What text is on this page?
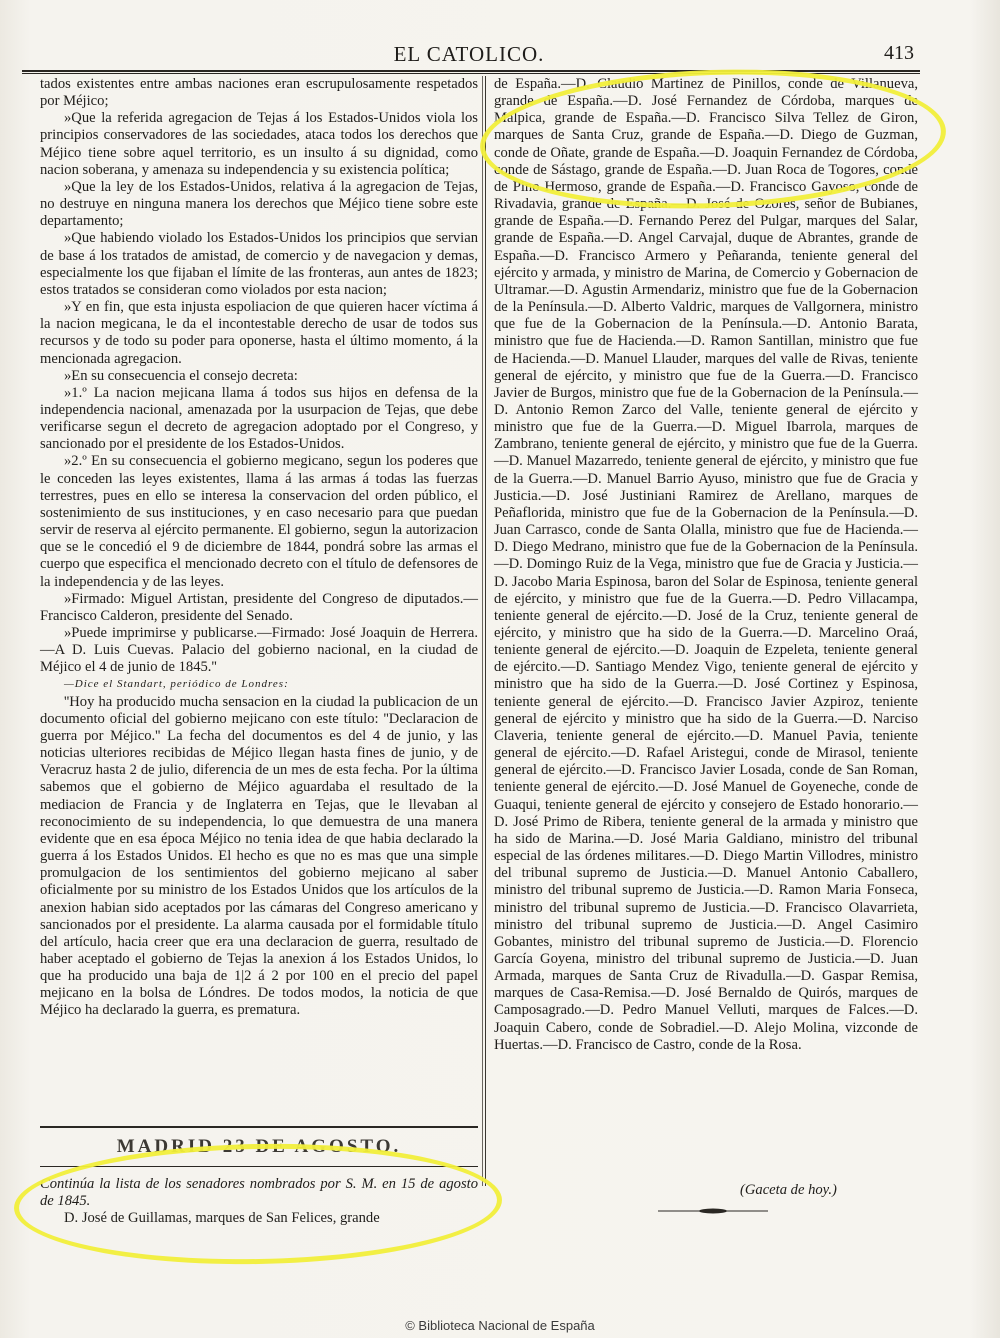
EL CATOLICO.	413

tados existentes entre ambas naciones eran escrupulosamente respetados por Méjico;

»Que la referida agregacion de Tejas á los Estados-Unidos viola los principios conservadores de las sociedades, ataca todos los derechos que Méjico tiene sobre aquel territorio, es un insulto á su dignidad, como nacion soberana, y amenaza su independencia y su existencia política;

»Que la ley de los Estados-Unidos, relativa á la agregacion de Tejas, no destruye en ninguna manera los derechos que Méjico tiene sobre este departamento;

»Que habiendo violado los Estados-Unidos los principios que servian de base á los tratados de amistad, de comercio y de navegacion y demas, especialmente los que fijaban el límite de las fronteras, aun antes de 1823; estos tratados se consideran como violados por esta nacion;

»Y en fin, que esta injusta espoliacion de que quieren hacer víctima á la nacion megicana, le da el incontestable derecho de usar de todos sus recursos y de todo su poder para oponerse, hasta el último momento, á la mencionada agregacion.

»En su consecuencia el consejo decreta:

»1.º La nacion mejicana llama á todos sus hijos en defensa de la independencia nacional, amenazada por la usurpacion de Tejas, que debe verificarse segun el decreto de agregacion adoptado por el Congreso, y sancionado por el presidente de los Estados-Unidos.

»2.º En su consecuencia el gobierno megicano, segun los poderes que le conceden las leyes existentes, llama á las armas á todas las fuerzas terrestres, pues en ello se interesa la conservacion del orden público, el sostenimiento de sus instituciones, y en caso necesario para que puedan servir de reserva al ejército permanente. El gobierno, segun la autorizacion que se le concedió el 9 de diciembre de 1844, pondrá sobre las armas el cuerpo que especifica el mencionado decreto con el título de defensores de la independencia y de las leyes.

»Firmado: Miguel Artistan, presidente del Congreso de diputados.—Francisco Calderon, presidente del Senado.

»Puede imprimirse y publicarse.—Firmado: José Joaquin de Herrera.—A D. Luis Cuevas. Palacio del gobierno nacional, en la ciudad de Méjico el 4 de junio de 1845.''

—Dice el Standart, periódico de Londres:

''Hoy ha producido mucha sensacion en la ciudad la publicacion de un documento oficial del gobierno mejicano con este título: ''Declaracion de guerra por Méjico.'' La fecha del documentos es del 4 de junio, y las noticias ulteriores recibidas de Méjico llegan hasta fines de junio, y de Veracruz hasta 2 de julio, diferencia de un mes de esta fecha. Por la última sabemos que el gobierno de Méjico aguardaba el resultado de la mediacion de Francia y de Inglaterra en Tejas, que le llevaban al reconocimiento de su independencia, lo que demuestra de una manera evidente que en esa época Méjico no tenia idea de que habia declarado la guerra á los Estados Unidos. El hecho es que no es mas que una simple promulgacion de los sentimientos del gobierno mejicano al saber oficialmente por su ministro de los Estados Unidos que los artículos de la anexion habian sido aceptados por las cámaras del Congreso americano y sancionados por el presidente. La alarma causada por el formidable título del artículo, hacia creer que era una declaracion de guerra, resultado de haber aceptado el gobierno de Tejas la anexion á los Estados Unidos, lo que ha producido una baja de 1|2 á 2 por 100 en el precio del papel mejicano en la bolsa de Lóndres. De todos modos, la noticia de que Méjico ha declarado la guerra, es prematura.

de España.—D. Claudio Martinez de Pinillos, conde de Villanueva, grande de España.—D. José Fernandez de Córdoba, marques de Malpica, grande de España.—D. Francisco Silva Tellez de Giron, marques de Santa Cruz, grande de España.—D. Diego de Guzman, conde de Oñate, grande de España.—D. Joaquin Fernandez de Córdoba, conde de Sástago, grande de España.—D. Juan Roca de Togores, conde de Pino Hermoso, grande de España.—D. Francisco Gayoso, conde de Rivadavia, grande de España.—D. José de Ozores, señor de Bubianes, grande de España.—D. Fernando Perez del Pulgar, marques del Salar, grande de España.—D. Angel Carvajal, duque de Abrantes, grande de España.—D. Francisco Armero y Peñaranda, teniente general del ejército y armada, y ministro de Marina, de Comercio y Gobernacion de Ultramar.—D. Agustin Armendariz, ministro que fue de la Gobernacion de la Península.—D. Alberto Valdric, marques de Vallgornera, ministro que fue de la Gobernacion de la Península.—D. Antonio Barata, ministro que fue de Hacienda.—D. Ramon Santillan, ministro que fue de Hacienda.—D. Manuel Llauder, marques del valle de Rivas, teniente general de ejército, y ministro que fue de la Guerra.—D. Francisco Javier de Burgos, ministro que fue de la Gobernacion de la Península.—D. Antonio Remon Zarco del Valle, teniente general de ejército y ministro que fue de la Guerra.—D. Miguel Ibarrola, marques de Zambrano, teniente general de ejército, y ministro que fue de la Guerra.—D. Manuel Mazarredo, teniente general de ejército, y ministro que fue de la Guerra.—D. Manuel Barrio Ayuso, ministro que fue de Gracia y Justicia.—D. José Justiniani Ramirez de Arellano, marques de Peñaflorida, ministro que fue de la Gobernacion de la Península.—D. Juan Carrasco, conde de Santa Olalla, ministro que fue de Hacienda.—D. Diego Medrano, ministro que fue de la Gobernacion de la Península.—D. Domingo Ruiz de la Vega, ministro que fue de Gracia y Justicia.—D. Jacobo Maria Espinosa, baron del Solar de Espinosa, teniente general de ejército, y ministro que fue de la Guerra.—D. Pedro Villacampa, teniente general de ejército.—D. José de la Cruz, teniente general de ejército, y ministro que ha sido de la Guerra.—D. Marcelino Oraá, teniente general de ejército.—D. Joaquin de Ezpeleta, teniente general de ejército.—D. Santiago Mendez Vigo, teniente general de ejército y ministro que ha sido de la Guerra.—D. José Cortinez y Espinosa, teniente general de ejército.—D. Francisco Javier Azpiroz, teniente general de ejército y ministro que ha sido de la Guerra.—D. Narciso Claveria, teniente general de ejército.—D. Manuel Pavia, teniente general de ejército.—D. Rafael Aristegui, conde de Mirasol, teniente general de ejército.—D. Francisco Javier Losada, conde de San Roman, teniente general de ejército.—D. José Manuel de Goyeneche, conde de Guaqui, teniente general de ejército y consejero de Estado honorario.—D. José Primo de Ribera, teniente general de la armada y ministro que ha sido de Marina.—D. José Maria Galdiano, ministro del tribunal especial de las órdenes militares.—D. Diego Martin Villodres, ministro del tribunal supremo de Justicia.—D. Manuel Antonio Caballero, ministro del tribunal supremo de Justicia.—D. Ramon Maria Fonseca, ministro del tribunal supremo de Justicia.—D. Francisco Olavarrieta, ministro del tribunal supremo de Justicia.—D. Angel Casimiro Gobantes, ministro del tribunal supremo de Justicia.—D. Florencio García Goyena, ministro del tribunal supremo de Justicia.—D. Juan Armada, marques de Santa Cruz de Rivadulla.—D. Gaspar Remisa, marques de Casa-Remisa.—D. José Bernaldo de Quirós, marques de Camposagrado.—D. Pedro Manuel Velluti, marques de Falces.—D. Joaquin Cabero, conde de Sobradiel.—D. Alejo Molina, vizconde de Huertas.—D. Francisco de Castro, conde de la Rosa.

MADRID 23 DE AGOSTO.

Continúa la lista de los senadores nombrados por S. M. en 15 de agosto de 1845.

D. José de Guillamas, marques de San Felices, grande

(Gaceta de hoy.)
© Biblioteca Nacional de España
